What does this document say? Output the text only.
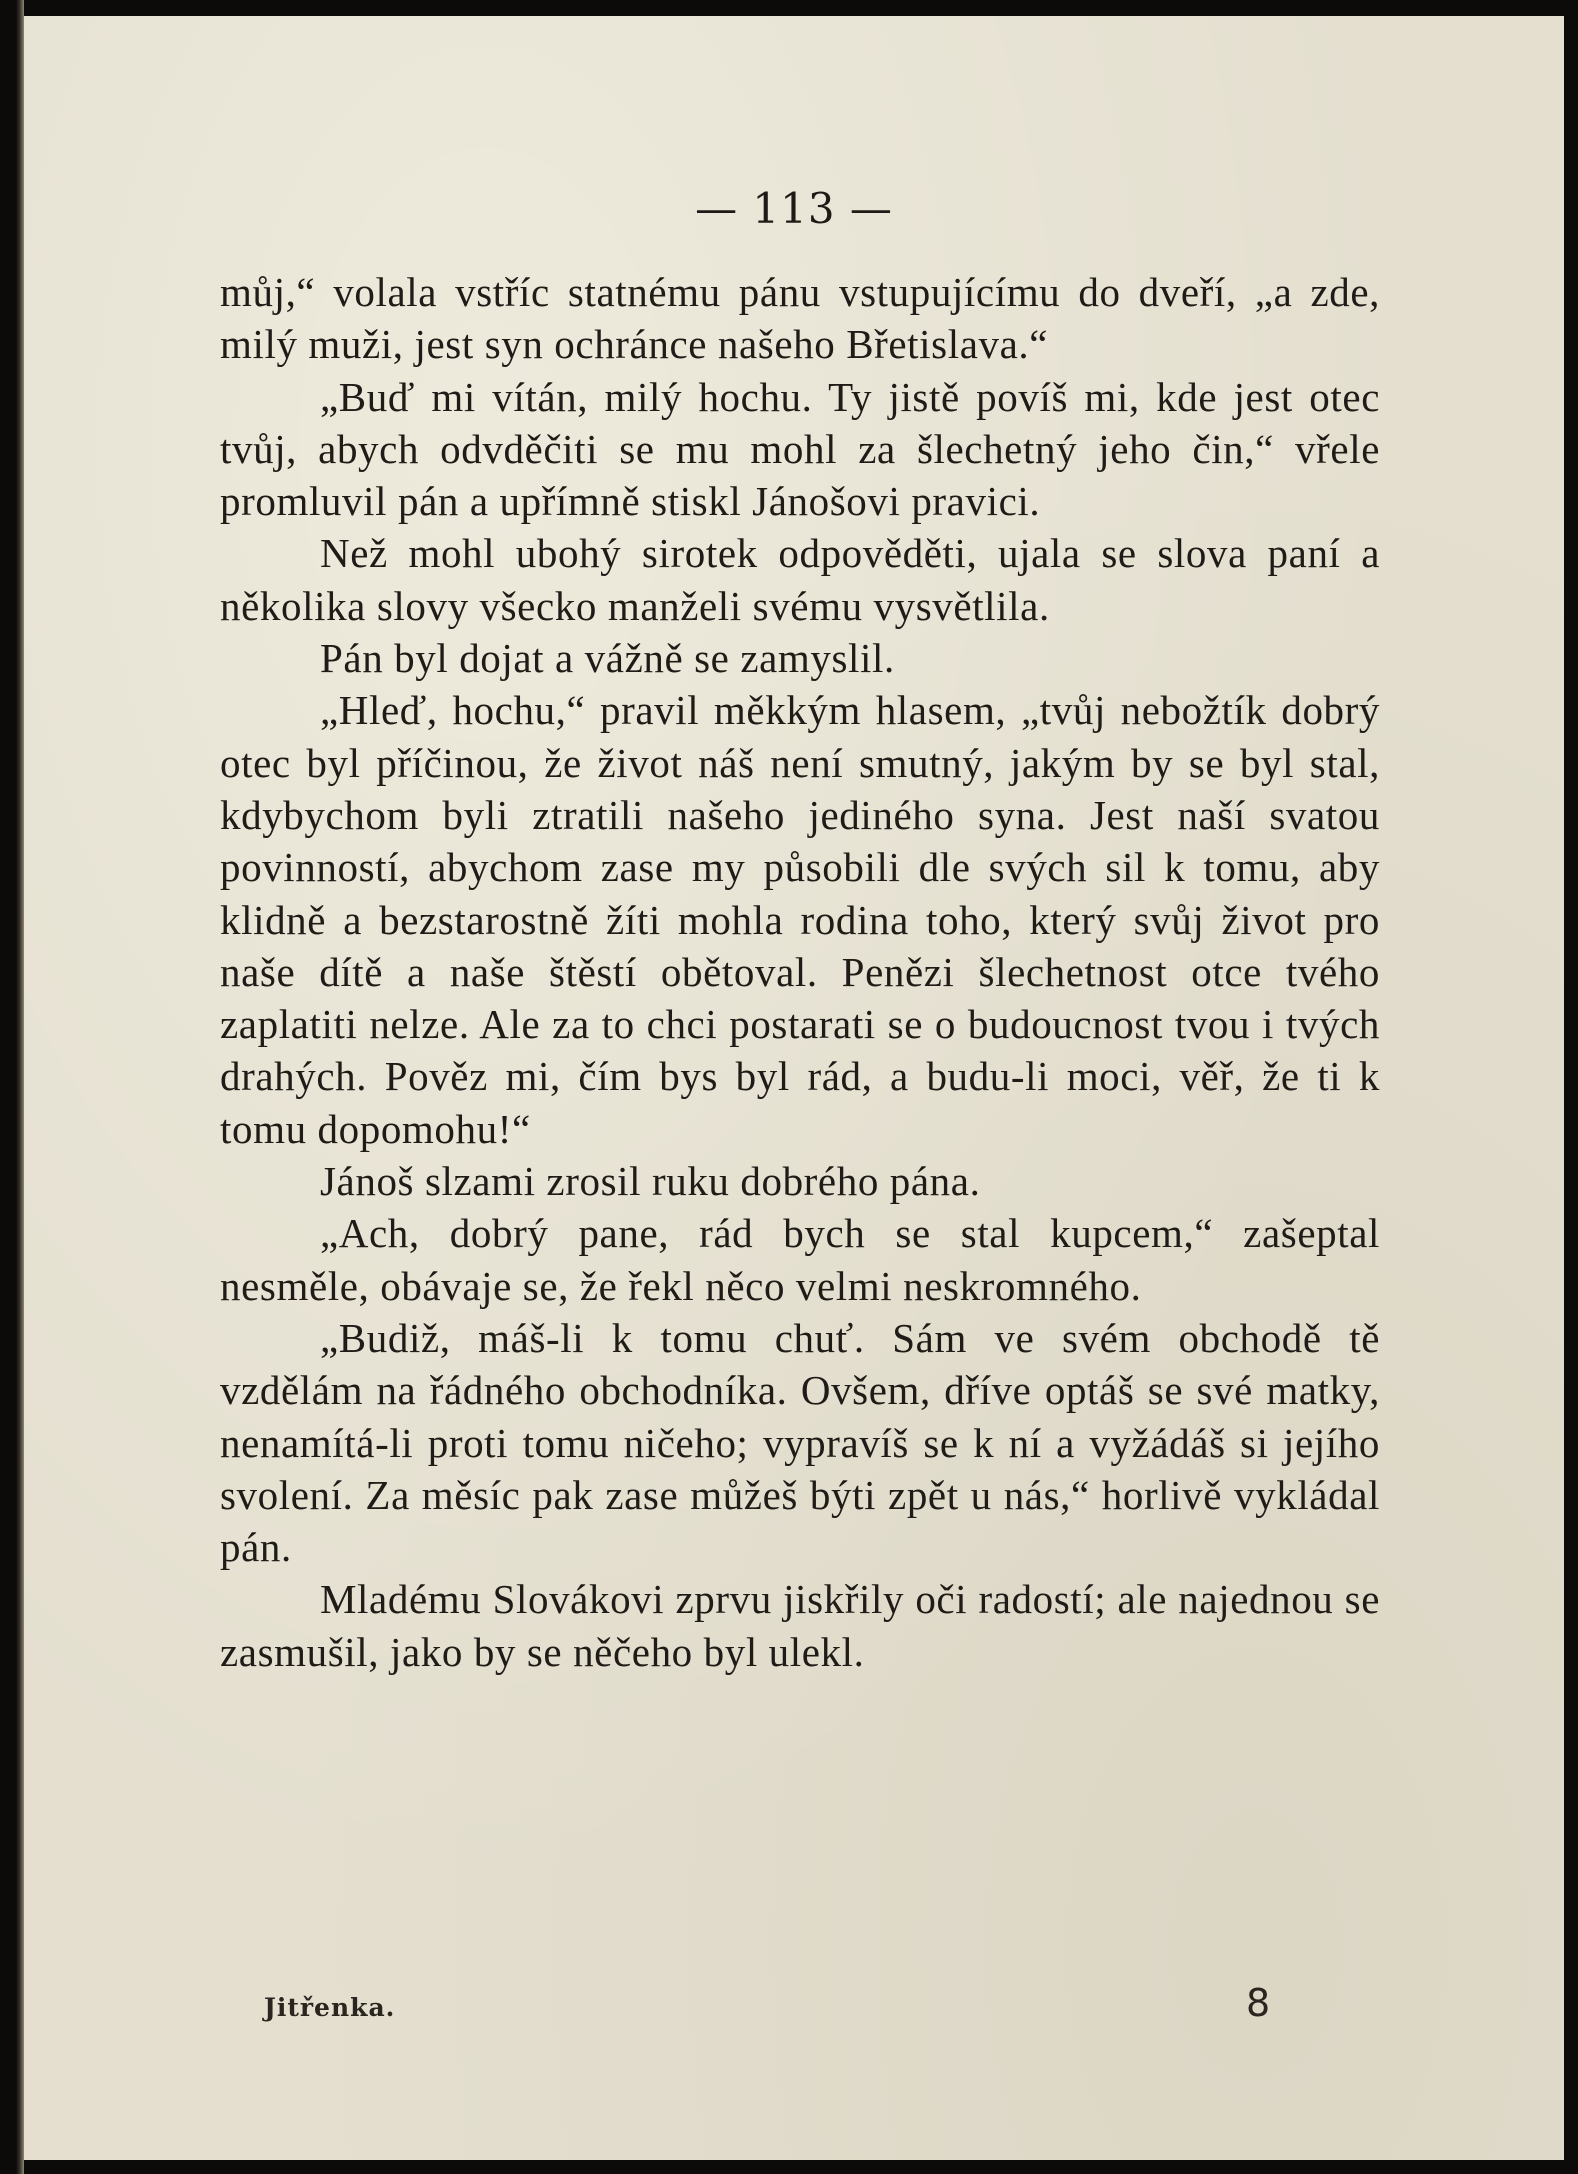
— 113 —

můj,“ volala vstříc statnému pánu vstupujícímu do dveří, „a zde, milý muži, jest syn ochránce našeho Břetislava.“

„Buď mi vítán, milý hochu. Ty jistě povíš mi, kde jest otec tvůj, abych odvděčiti se mu mohl za šlechetný jeho čin,“ vřele promluvil pán a upřímně stiskl Jánošovi pravici.

Než mohl ubohý sirotek odpověděti, ujala se slova paní a několika slovy všecko manželi svému vysvětlila.

Pán byl dojat a vážně se zamyslil.

„Hleď, hochu,“ pravil měkkým hlasem, „tvůj nebožtík dobrý otec byl příčinou, že život náš není smutný, jakým by se byl stal, kdybychom byli ztratili našeho jediného syna. Jest naší svatou povinností, abychom zase my působili dle svých sil k tomu, aby klidně a bezstarostně žíti mohla rodina toho, který svůj život pro naše dítě a naše štěstí obětoval. Penězi šlechetnost otce tvého zaplatiti nelze. Ale za to chci postarati se o budoucnost tvou i tvých drahých. Pověz mi, čím bys byl rád, a budu-li moci, věř, že ti k tomu dopomohu!“

Jánoš slzami zrosil ruku dobrého pána.

„Ach, dobrý pane, rád bych se stal kupcem,“ zašeptal nesměle, obávaje se, že řekl něco velmi neskromného.

„Budiž, máš-li k tomu chuť. Sám ve svém obchodě tě vzdělám na řádného obchodníka. Ovšem, dříve optáš se své matky, nenamítá-li proti tomu ničeho; vypravíš se k ní a vyžádáš si jejího svolení. Za měsíc pak zase můžeš býti zpět u nás,“ horlivě vykládal pán.

Mladému Slovákovi zprvu jiskřily oči radostí; ale najednou se zasmušil, jako by se něčeho byl ulekl.

Jitřenka.	8
